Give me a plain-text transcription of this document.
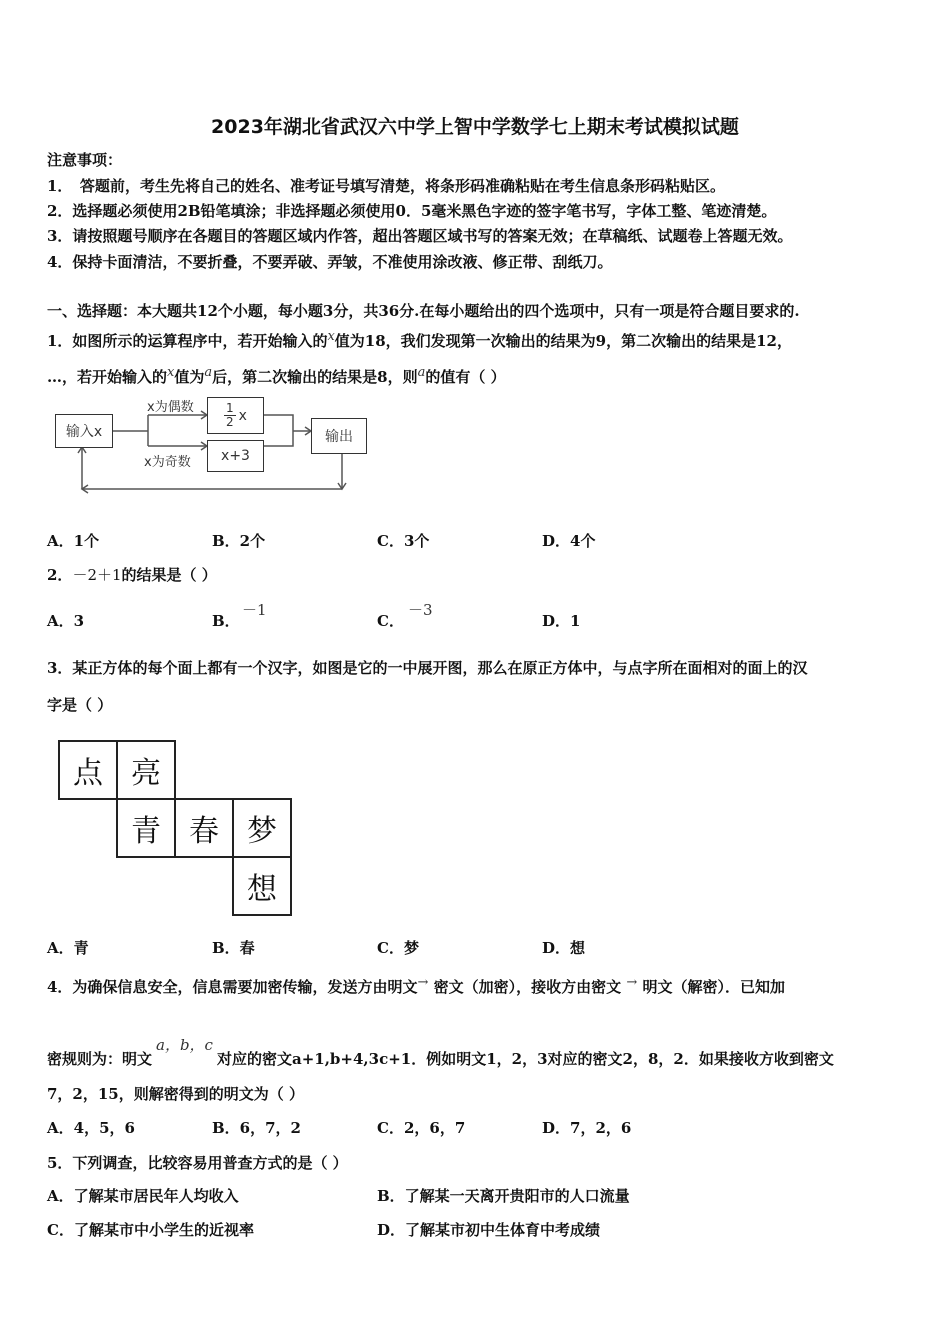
2023年湖北省武汉六中学上智中学数学七上期末考试模拟试题
注意事项：
1．　答题前，考生先将自己的姓名、准考证号填写清楚，将条形码准确粘贴在考生信息条形码粘贴区。
2．选择题必须使用2B铅笔填涂；非选择题必须使用0．5毫米黑色字迹的签字笔书写，字体工整、笔迹清楚。
3．请按照题号顺序在各题目的答题区域内作答，超出答题区域书写的答案无效；在草稿纸、试题卷上答题无效。
4．保持卡面清洁，不要折叠，不要弄破、弄皱，不准使用涂改液、修正带、刮纸刀。
一、选择题：本大题共12个小题，每小题3分，共36分.在每小题给出的四个选项中，只有一项是符合题目要求的.
1．如图所示的运算程序中，若开始输入的x值为18，我们发现第一次输出的结果为9，第二次输出的结果是12，
…，若开始输入的x值为a后，第二次输出的结果是8，则a的值有（ ）
输入x
x为偶数
x为奇数
$\frac{1}{2}$ x
x+3
输出
A．1个	B．2个	C．3个	D．4个
2．－2＋1的结果是（ ）
A．3	B．
－1
C．
－3
D．1
3．某正方体的每个面上都有一个汉字，如图是它的一中展开图，那么在原正方体中，与点字所在面相对的面上的汉
字是（ ）
点 亮
青 春 梦
想
A．青	B．春	C．梦	D．想
4．为确保信息安全，信息需要加密传输，发送方由明文→ 密文（加密），接收方由密文 → 明文（解密）．已知加
密规则为：明文a，b，c对应的密文a+1,b+4,3c+1．例如明文1，2，3对应的密文2，8，2．如果接收方收到密文
7，2，15，则解密得到的明文为（ ）
A．4，5，6	B．6，7，2	C．2，6，7	D．7，2，6
5．下列调查，比较容易用普查方式的是（ ）
A．了解某市居民年人均收入	B．了解某一天离开贵阳市的人口流量
C．了解某市中小学生的近视率	D．了解某市初中生体育中考成绩
